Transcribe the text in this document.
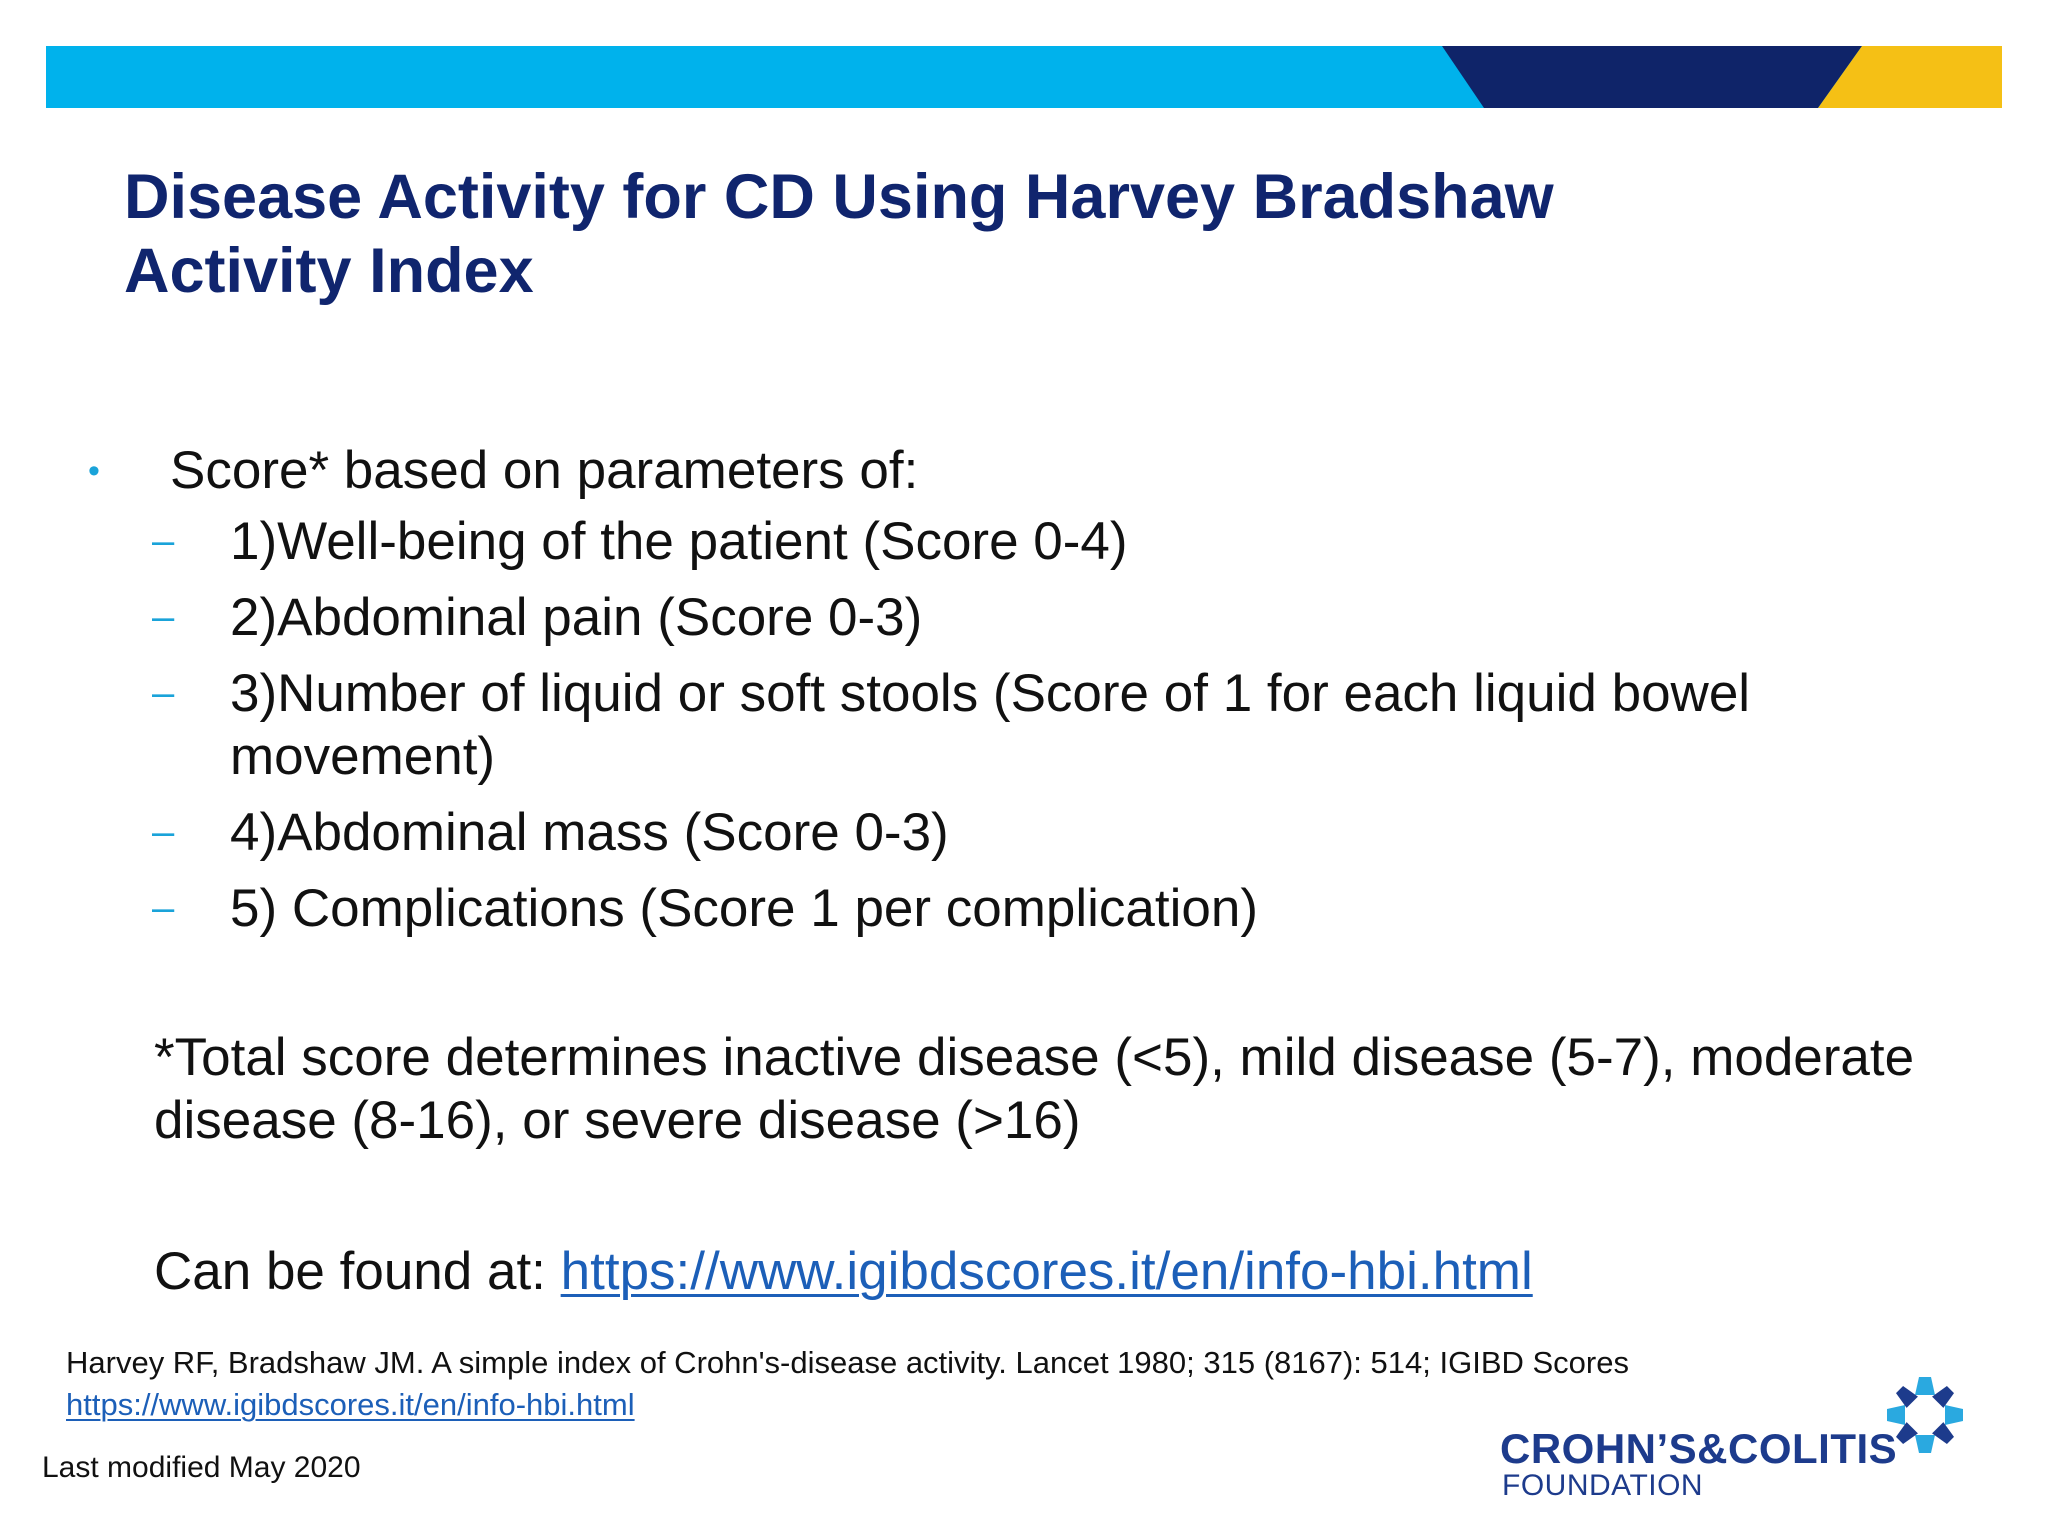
Disease Activity for CD Using Harvey Bradshaw
Activity Index
•	Score* based on parameters of:
– 1)Well-being of the patient (Score 0-4)
– 2)Abdominal pain (Score 0-3)
– 3)Number of liquid or soft stools (Score of 1 for each liquid bowel movement)
– 4)Abdominal mass (Score 0-3)
– 5) Complications (Score 1 per complication)

*Total score determines inactive disease (<5), mild disease (5-7), moderate disease (8-16), or severe disease (>16)

Can be found at: https://www.igibdscores.it/en/info-hbi.html

Harvey RF, Bradshaw JM. A simple index of Crohn's-disease activity. Lancet 1980; 315 (8167): 514; IGIBD Scores https://www.igibdscores.it/en/info-hbi.html

Last modified May 2020	CROHN’S&COLITIS
FOUNDATION
